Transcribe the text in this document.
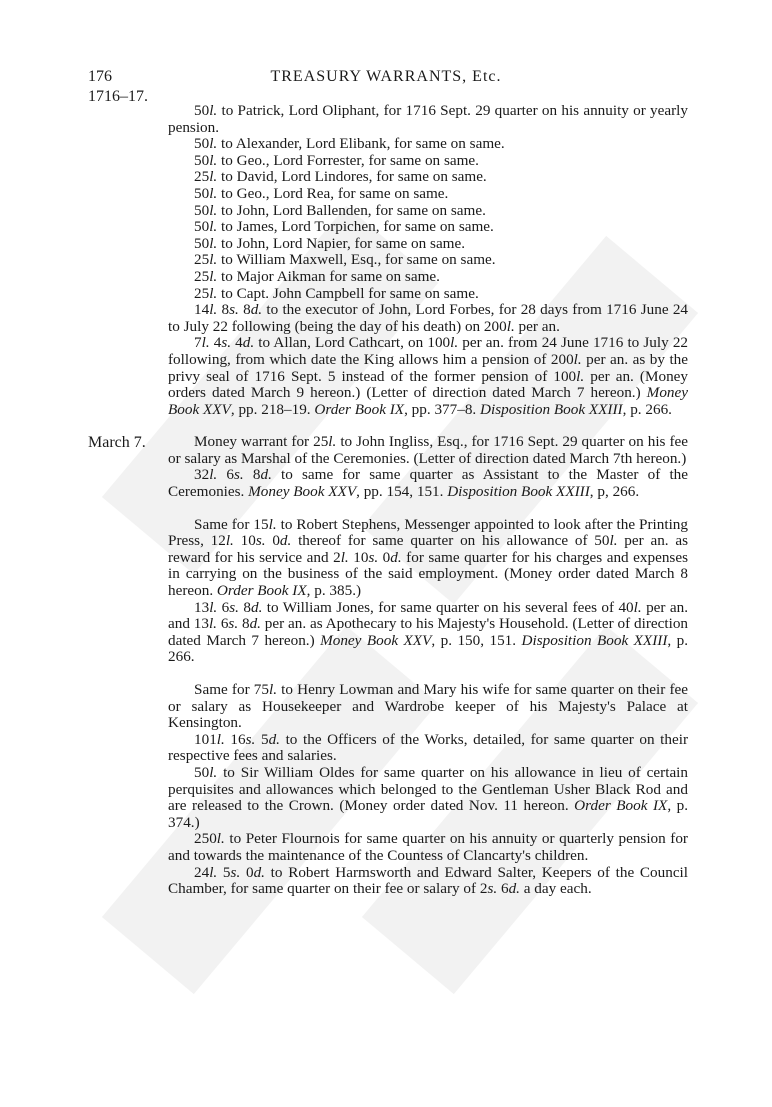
176	TREASURY WARRANTS, Etc.
1716–17.
March 7.

50l. to Patrick, Lord Oliphant, for 1716 Sept. 29 quarter on his annuity or yearly pension.

50l. to Alexander, Lord Elibank, for same on same.

50l. to Geo., Lord Forrester, for same on same.

25l. to David, Lord Lindores, for same on same.

50l. to Geo., Lord Rea, for same on same.

50l. to John, Lord Ballenden, for same on same.

50l. to James, Lord Torpichen, for same on same.

50l. to John, Lord Napier, for same on same.

25l. to William Maxwell, Esq., for same on same.

25l. to Major Aikman for same on same.

25l. to Capt. John Campbell for same on same.

14l. 8s. 8d. to the executor of John, Lord Forbes, for 28 days from 1716 June 24 to July 22 following (being the day of his death) on 200l. per an.

7l. 4s. 4d. to Allan, Lord Cathcart, on 100l. per an. from 24 June 1716 to July 22 following, from which date the King allows him a pension of 200l. per an. as by the privy seal of 1716 Sept. 5 instead of the former pension of 100l. per an. (Money orders dated March 9 hereon.) (Letter of direction dated March 7 hereon.) Money Book XXV, pp. 218–19. Order Book IX, pp. 377–8. Disposition Book XXIII, p. 266.

Money warrant for 25l. to John Ingliss, Esq., for 1716 Sept. 29 quarter on his fee or salary as Marshal of the Ceremonies. (Letter of direction dated March 7th hereon.)

32l. 6s. 8d. to same for same quarter as Assistant to the Master of the Ceremonies. Money Book XXV, pp. 154, 151. Disposition Book XXIII, p, 266.

Same for 15l. to Robert Stephens, Messenger appointed to look after the Printing Press, 12l. 10s. 0d. thereof for same quarter on his allowance of 50l. per an. as reward for his service and 2l. 10s. 0d. for same quarter for his charges and expenses in carrying on the business of the said employment. (Money order dated March 8 hereon. Order Book IX, p. 385.)

13l. 6s. 8d. to William Jones, for same quarter on his several fees of 40l. per an. and 13l. 6s. 8d. per an. as Apothecary to his Majesty's Household. (Letter of direction dated March 7 hereon.) Money Book XXV, p. 150, 151. Disposition Book XXIII, p. 266.

Same for 75l. to Henry Lowman and Mary his wife for same quarter on their fee or salary as Housekeeper and Wardrobe keeper of his Majesty's Palace at Kensington.

101l. 16s. 5d. to the Officers of the Works, detailed, for same quarter on their respective fees and salaries.

50l. to Sir William Oldes for same quarter on his allowance in lieu of certain perquisites and allowances which belonged to the Gentleman Usher Black Rod and are released to the Crown. (Money order dated Nov. 11 hereon. Order Book IX, p. 374.)

250l. to Peter Flournois for same quarter on his annuity or quarterly pension for and towards the maintenance of the Countess of Clancarty's children.

24l. 5s. 0d. to Robert Harmsworth and Edward Salter, Keepers of the Council Chamber, for same quarter on their fee or salary of 2s. 6d. a day each.
